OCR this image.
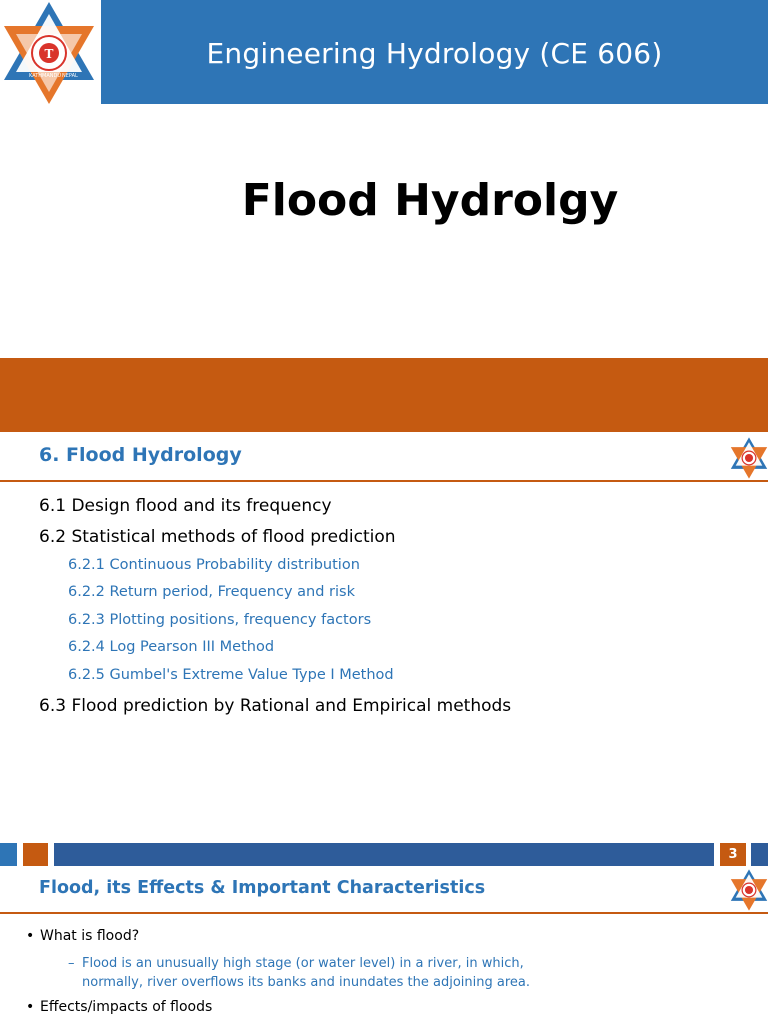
T
KATHMANDU NEPAL
Engineering Hydrology (CE 606)
Flood Hydrolgy
6. Flood Hydrology
6.1 Design flood and its frequency
6.2 Statistical methods of flood prediction
6.2.1 Continuous Probability distribution
6.2.2 Return period, Frequency and risk
6.2.3 Plotting positions, frequency factors
6.2.4 Log Pearson III Method
6.2.5 Gumbel's Extreme Value Type I Method
6.3 Flood prediction by Rational and Empirical methods
3
Flood, its Effects & Important Characteristics
• What is flood?
– Flood is an unusually high stage (or water level) in a river, in which, normally, river overflows its banks and inundates the adjoining area.
• Effects/impacts of floods
